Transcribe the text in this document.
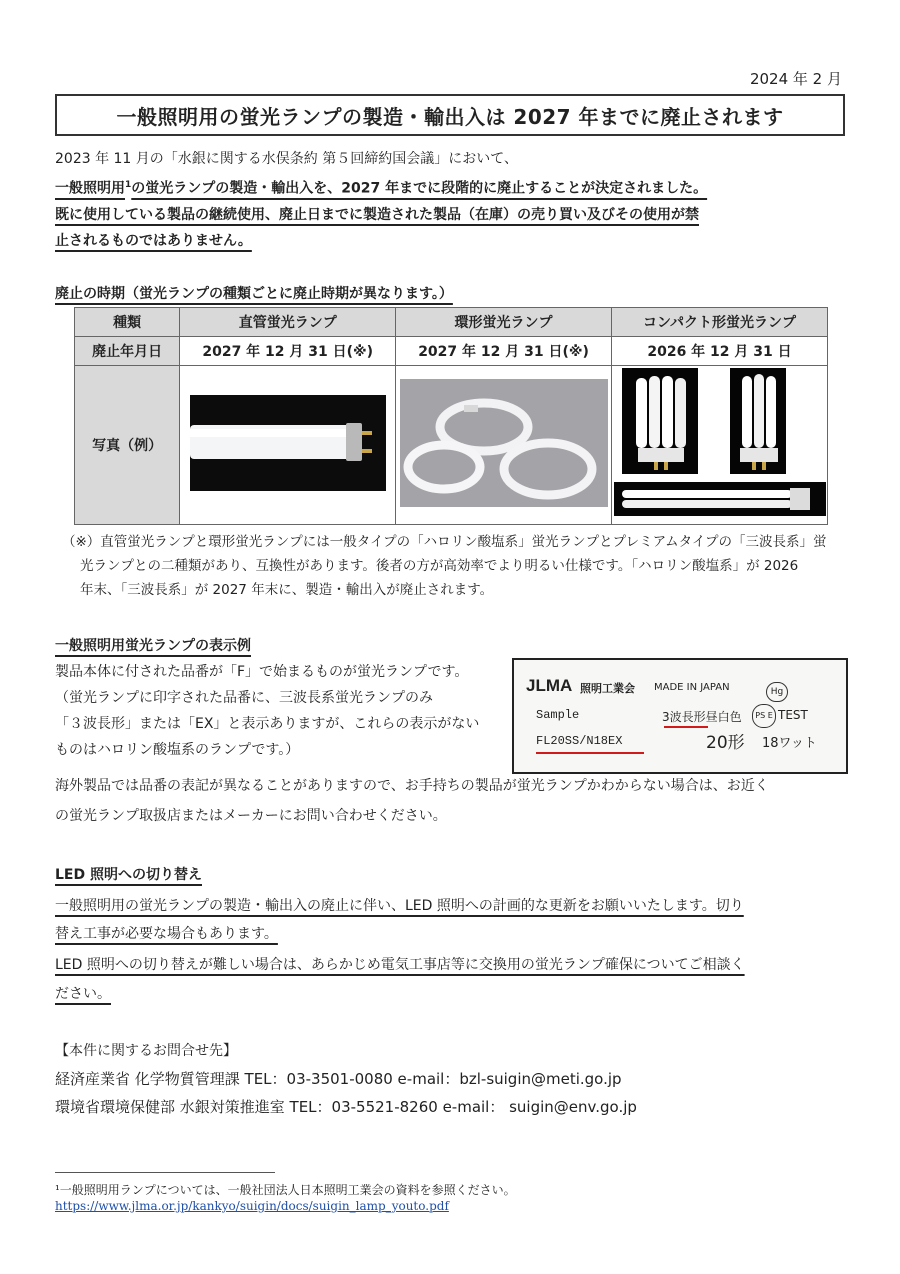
2024 年 2 月
一般照明用の蛍光ランプの製造・輸出入は 2027 年までに廃止されます
2023 年 11 月の「水銀に関する水俣条約 第５回締約国会議」において、
一般照明用$^1$の蛍光ランプの製造・輸出入を、2027 年までに段階的に廃止することが決定されました。
既に使用している製品の継続使用、廃止日までに製造された製品（在庫）の売り買い及びその使用が禁
止されるものではありません。
廃止の時期（蛍光ランプの種類ごとに廃止時期が異なります。）
種類	直管蛍光ランプ	環形蛍光ランプ	コンパクト形蛍光ランプ
廃止年月日	2027 年 12 月 31 日(※)	2027 年 12 月 31 日(※)	2026 年 12 月 31 日
写真（例）			
（※）直管蛍光ランプと環形蛍光ランプには一般タイプの「ハロリン酸塩系」蛍光ランプとプレミアムタイプの「三波長系」蛍
光ランプとの二種類があり、互換性があります。後者の方が高効率でより明るい仕様です。「ハロリン酸塩系」が 2026
年末、「三波長系」が 2027 年末に、製造・輸出入が廃止されます。
一般照明用蛍光ランプの表示例
製品本体に付された品番が「F」で始まるものが蛍光ランプです。
（蛍光ランプに印字された品番に、三波長系蛍光ランプのみ
「３波長形」または「EX」と表示ありますが、これらの表示がない
ものはハロリン酸塩系のランプです。）
海外製品では品番の表記が異なることがありますので、お手持ちの製品が蛍光ランプかわからない場合は、お近く
の蛍光ランプ取扱店またはメーカーにお問い合わせください。
JLMA 照明工業会 MADE IN JAPAN	Hg
Sample	3波長形昼白色	PS E TEST
FL20SS/N18EX	20形 18ワット
LED 照明への切り替え
一般照明用の蛍光ランプの製造・輸出入の廃止に伴い、LED 照明への計画的な更新をお願いいたします。切り
替え工事が必要な場合もあります。
LED 照明への切り替えが難しい場合は、あらかじめ電気工事店等に交換用の蛍光ランプ確保についてご相談く
ださい。
【本件に関するお問合せ先】
経済産業省 化学物質管理課 TEL：03-3501-0080 e-mail：bzl-suigin@meti.go.jp
環境省環境保健部 水銀対策推進室 TEL：03-5521-8260 e-mail： suigin@env.go.jp
¹一般照明用ランプについては、一般社団法人日本照明工業会の資料を参照ください。
https://www.jlma.or.jp/kankyo/suigin/docs/suigin_lamp_youto.pdf
